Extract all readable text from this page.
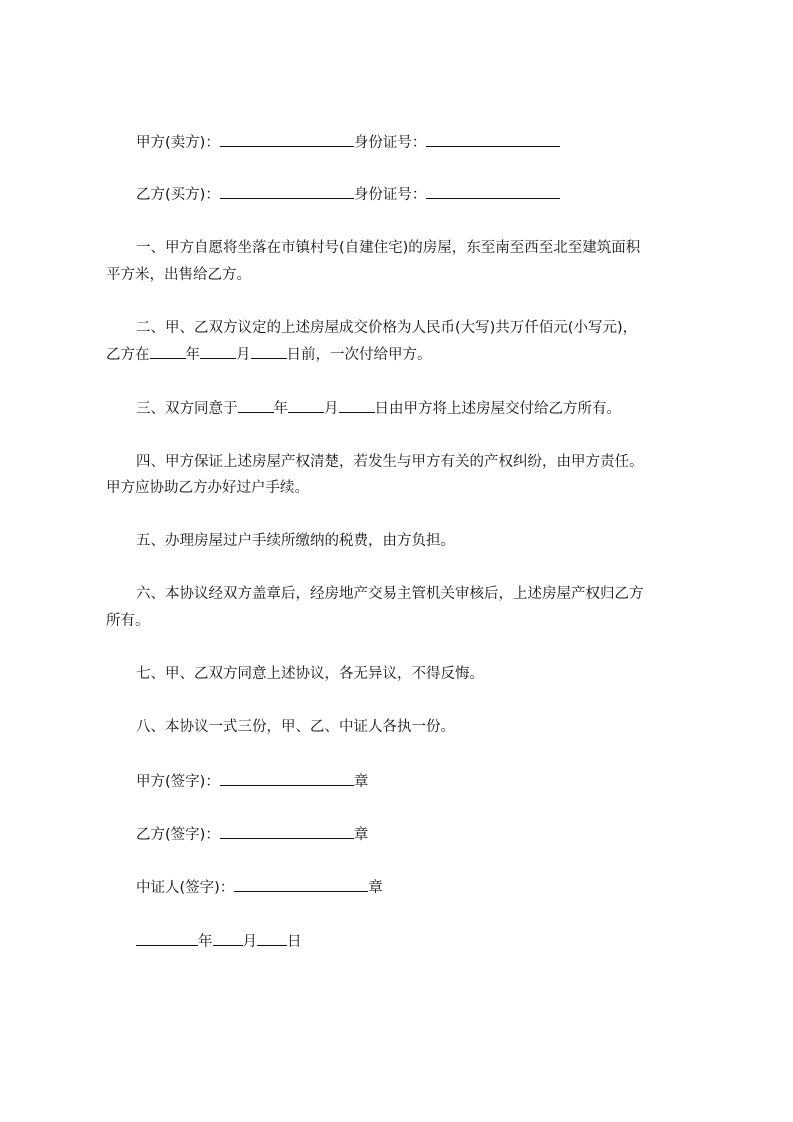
甲方(卖方)：	身份证号：
乙方(买方)：	身份证号：
一、甲方自愿将坐落在市镇村号(自建住宅)的房屋，东至南至西至北至建筑面积
平方米，出售给乙方。
二、甲、乙双方议定的上述房屋成交价格为人民币(大写)共万仟佰元(小写元)，
乙方在 年 月 日前，一次付给甲方。
三、双方同意于 年 月 日由甲方将上述房屋交付给乙方所有。
四、甲方保证上述房屋产权清楚，若发生与甲方有关的产权纠纷，由甲方责任。
甲方应协助乙方办好过户手续。
五、办理房屋过户手续所缴纳的税费，由方负担。
六、本协议经双方盖章后，经房地产交易主管机关审核后，上述房屋产权归乙方
所有。
七、甲、乙双方同意上述协议，各无异议，不得反悔。
八、本协议一式三份，甲、乙、中证人各执一份。
甲方(签字)：	章
乙方(签字)：	章
中证人(签字)：	章
年 月 日
